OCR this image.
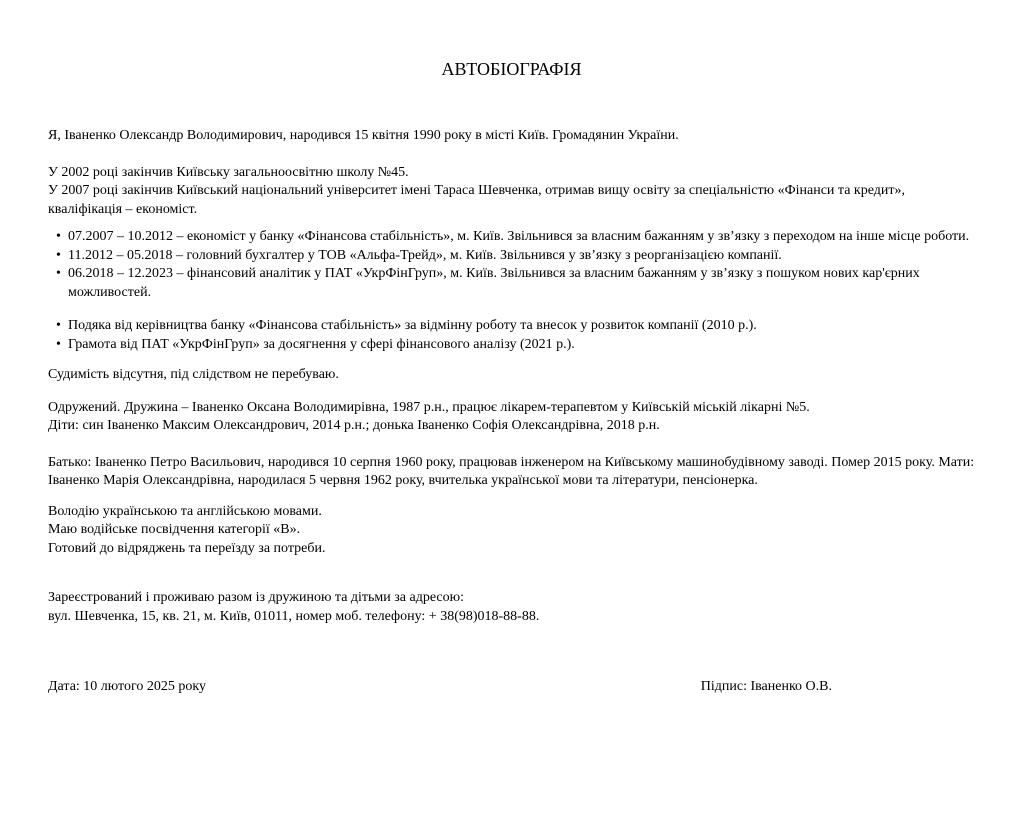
АВТОБІОГРАФІЯ

Я, Іваненко Олександр Володимирович, народився 15 квітня 1990 року в місті Київ. Громадянин України.

У 2002 році закінчив Київську загальноосвітню школу №45.
У 2007 році закінчив Київський національний університет імені Тараса Шевченка, отримав вищу освіту за спеціальністю «Фінанси та кредит», кваліфікація – економіст.
• 07.2007 – 10.2012 – економіст у банку «Фінансова стабільність», м. Київ. Звільнився за власним бажанням у зв’язку з переходом на інше місце роботи.
• 11.2012 – 05.2018 – головний бухгалтер у ТОВ «Альфа-Трейд», м. Київ. Звільнився у зв’язку з реорганізацією компанії.
• 06.2018 – 12.2023 – фінансовий аналітик у ПАТ «УкрФінГруп», м. Київ. Звільнився за власним бажанням у зв’язку з пошуком нових кар'єрних можливостей.
• Подяка від керівництва банку «Фінансова стабільність» за відмінну роботу та внесок у розвиток компанії (2010 р.).
• Грамота від ПАТ «УкрФінГруп» за досягнення у сфері фінансового аналізу (2021 р.).

Судимість відсутня, під слідством не перебуваю.

Одружений. Дружина – Іваненко Оксана Володимирівна, 1987 р.н., працює лікарем-терапевтом у Київській міській лікарні №5.
Діти: син Іваненко Максим Олександрович, 2014 р.н.; донька Іваненко Софія Олександрівна, 2018 р.н.

Батько: Іваненко Петро Васильович, народився 10 серпня 1960 року, працював інженером на Київському машинобудівному заводі. Помер 2015 року. Мати: Іваненко Марія Олександрівна, народилася 5 червня 1962 року, вчителька української мови та літератури, пенсіонерка.

Володію українською та англійською мовами.
Маю водійське посвідчення категорії «В».
Готовий до відряджень та переїзду за потреби.
Зареєстрований і проживаю разом із дружиною та дітьми за адресою:
вул. Шевченка, 15, кв. 21, м. Київ, 01011, номер моб. телефону: + 38(98)018-88-88.
Дата: 10 лютого 2025 року	Підпис: Іваненко О.В.
